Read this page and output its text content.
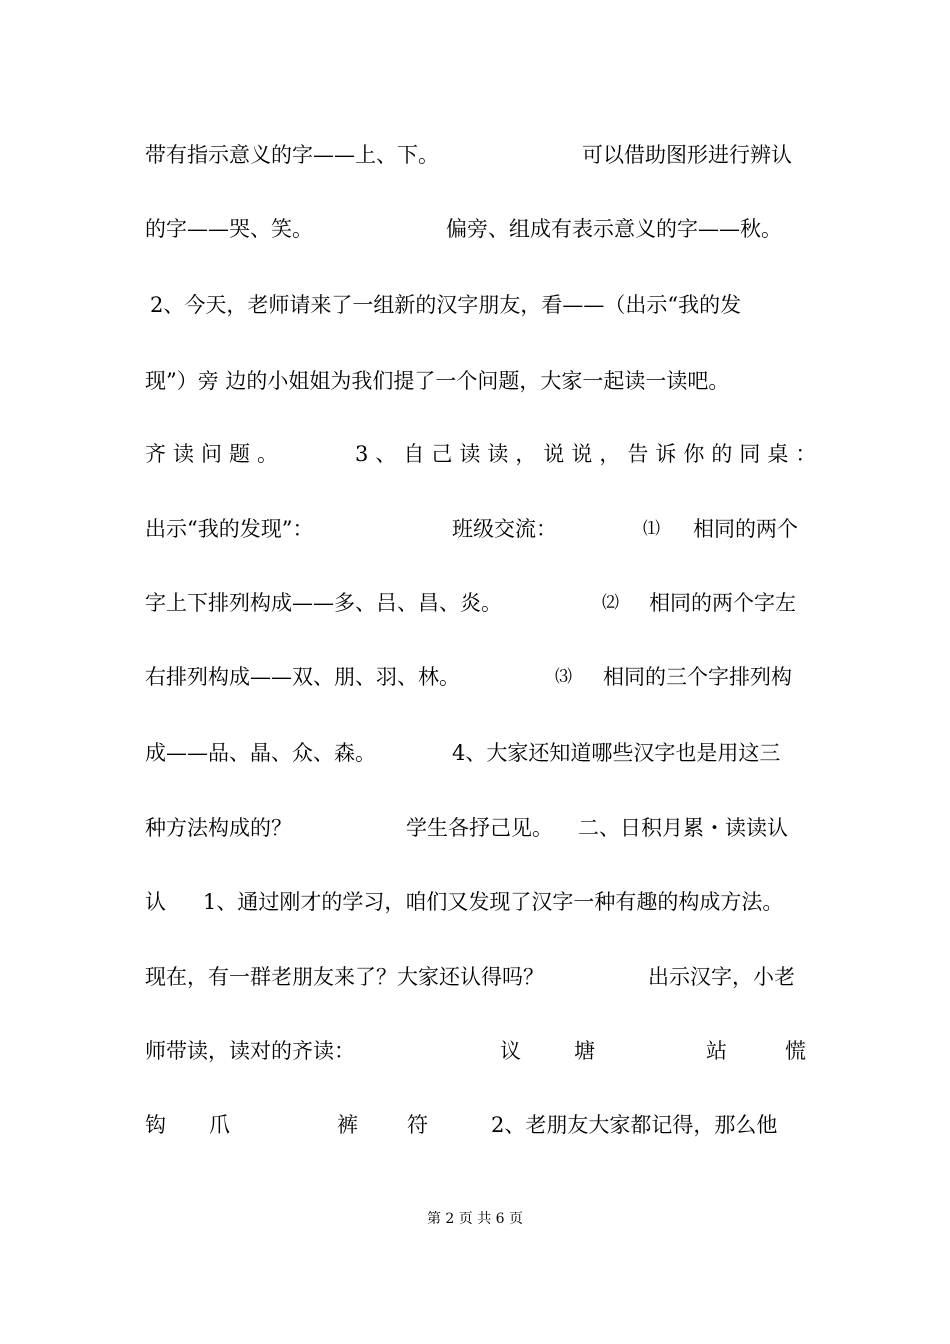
带有指示意义的字——上、下。	可以借助图形进行辨认
的字——哭、笑。	偏旁、组成有表示意义的字——秋。
2、今天，老师请来了一组新的汉字朋友，看——（出示“我的发
现”）旁 边的小姐姐为我们提了一个问题，大家一起读一读吧。
齐读问题。	3、自己读读，说说，告诉你的同桌：
出示“我的发现”：	班级交流：	⑴ 相同的两个
字上下排列构成——多、吕、昌、炎。	⑵ 相同的两个字左
右排列构成——双、朋、羽、林。	⑶ 相同的三个字排列构
成——品、晶、众、森。	4、大家还知道哪些汉字也是用这三
种方法构成的？	学生各抒己见。 二、日积月累・读读认
认 1、通过刚才的学习，咱们又发现了汉字一种有趣的构成方法。
现在，有一群老朋友来了？大家还认得吗？	出示汉字，小老
师带读，读对的齐读：	议	塘	站	慌
钩 爪	裤 符	2、老朋友大家都记得，那么他
第 2 页 共 6 页
